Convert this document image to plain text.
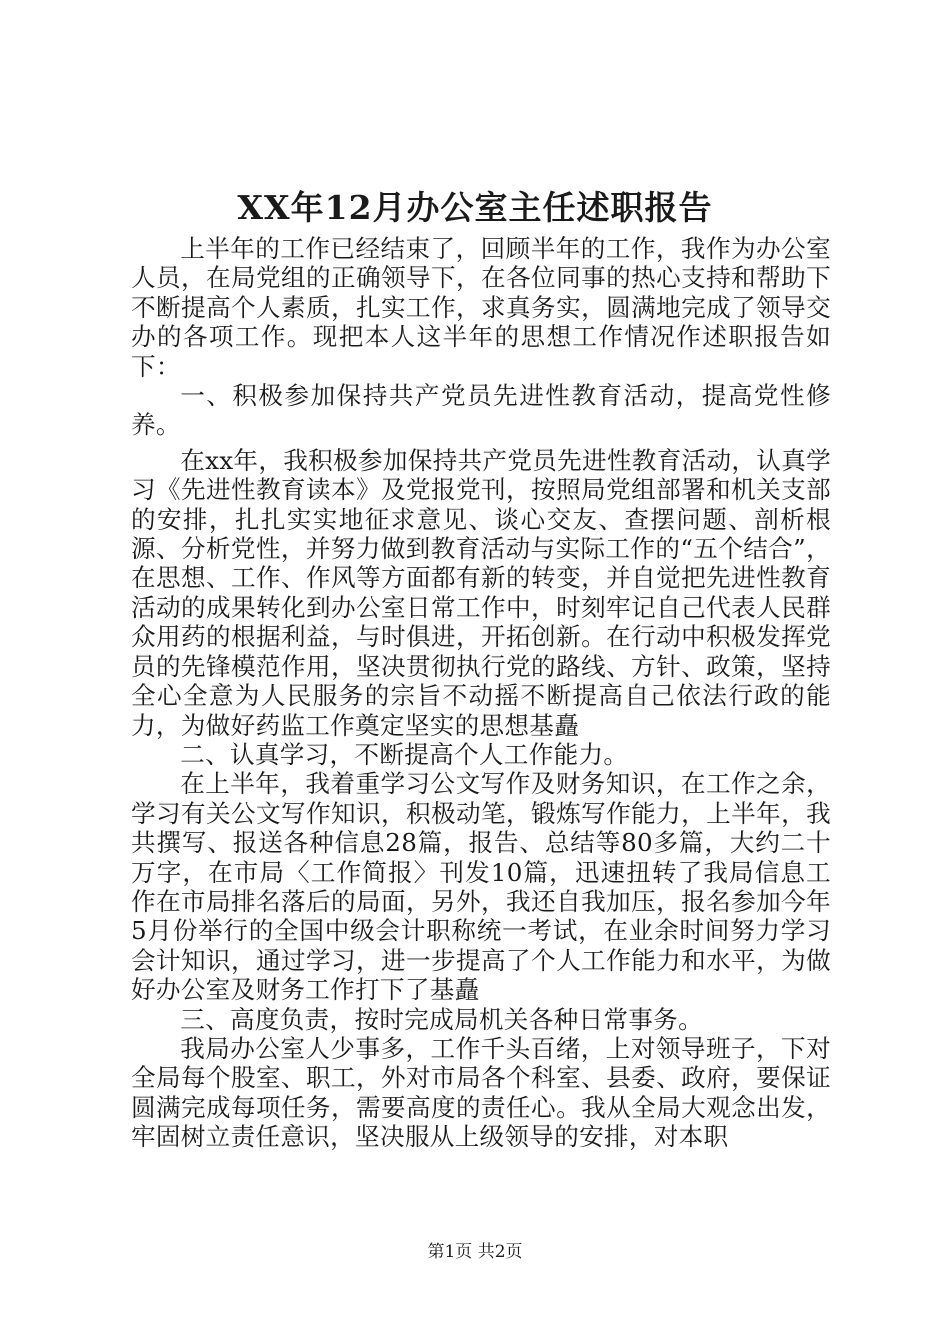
XX年12月办公室主任述职报告

上半年的工作已经结束了，回顾半年的工作，我作为办公室人员，在局党组的正确领导下，在各位同事的热心支持和帮助下不断提高个人素质，扎实工作，求真务实，圆满地完成了领导交办的各项工作。现把本人这半年的思想工作情况作述职报告如下：

一、积极参加保持共产党员先进性教育活动，提高党性修养。

在xx年，我积极参加保持共产党员先进性教育活动，认真学习《先进性教育读本》及党报党刊，按照局党组部署和机关支部的安排，扎扎实实地征求意见、谈心交友、查摆问题、剖析根源、分析党性，并努力做到教育活动与实际工作的“五个结合”，在思想、工作、作风等方面都有新的转变，并自觉把先进性教育活动的成果转化到办公室日常工作中，时刻牢记自己代表人民群众用药的根据利益，与时俱进，开拓创新。在行动中积极发挥党员的先锋模范作用，坚决贯彻执行党的路线、方针、政策，坚持全心全意为人民服务的宗旨不动摇不断提高自己依法行政的能力，为做好药监工作奠定坚实的思想基矗

二、认真学习，不断提高个人工作能力。

在上半年，我着重学习公文写作及财务知识，在工作之余，学习有关公文写作知识，积极动笔，锻炼写作能力，上半年，我共撰写、报送各种信息28篇，报告、总结等80多篇，大约二十万字，在市局〈工作简报〉刊发10篇，迅速扭转了我局信息工作在市局排名落后的局面，另外，我还自我加压，报名参加今年5月份举行的全国中级会计职称统一考试，在业余时间努力学习会计知识，通过学习，进一步提高了个人工作能力和水平，为做好办公室及财务工作打下了基矗

三、高度负责，按时完成局机关各种日常事务。

我局办公室人少事多，工作千头百绪，上对领导班子，下对全局每个股室、职工，外对市局各个科室、县委、政府，要保证圆满完成每项任务，需要高度的责任心。我从全局大观念出发，牢固树立责任意识，坚决服从上级领导的安排，对本职

第1页 共2页
